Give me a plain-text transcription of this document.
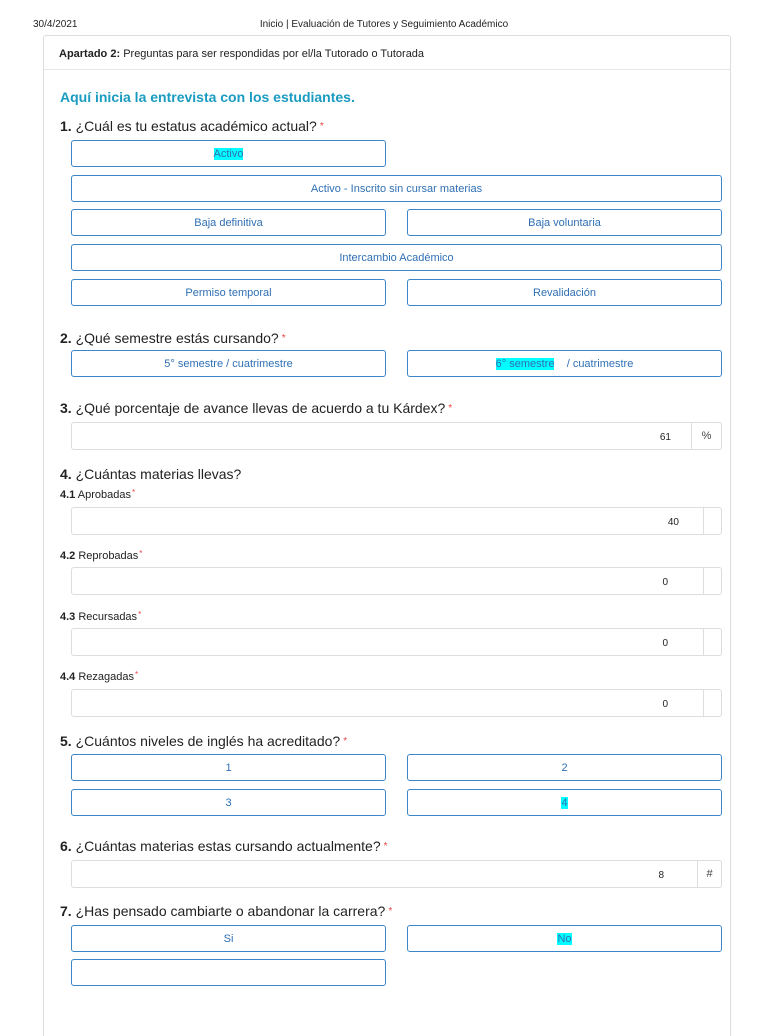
30/4/2021	Inicio | Evaluación de Tutores y Seguimiento Académico
Apartado 2: Preguntas para ser respondidas por el/la Tutorado o Tutorada
Aquí inicia la entrevista con los estudiantes.
1. ¿Cuál es tu estatus académico actual? *
Activo
Activo - Inscrito sin cursar materias
Baja definitiva	Baja voluntaria
Intercambio Académico
Permiso temporal	Revalidación
2. ¿Qué semestre estás cursando? *
5° semestre / cuatrimestre	6° semestre
/ cuatrimestre
3. ¿Qué porcentaje de avance llevas de acuerdo a tu Kárdex? *
61	%
4. ¿Cuántas materias llevas?
4.1 Aprobadas*
40
4.2 Reprobadas*
0
4.3 Recursadas*
0
4.4 Rezagadas*
0
5. ¿Cuántos niveles de inglés ha acreditado? *
1	2
3	4
6. ¿Cuántas materias estas cursando actualmente? *
8	#
7. ¿Has pensado cambiarte o abandonar la carrera? *
Si	No
